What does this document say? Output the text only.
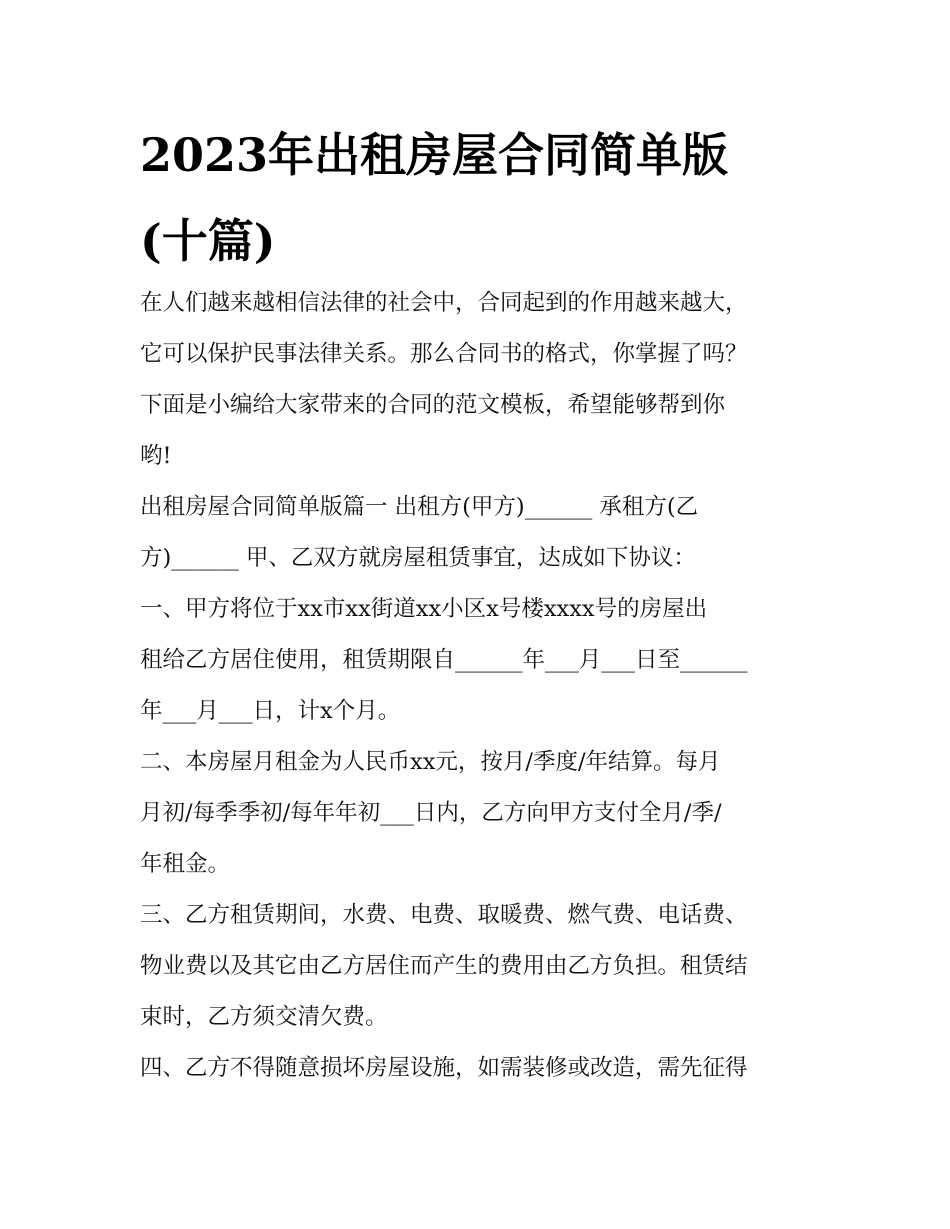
2023年出租房屋合同简单版
(十篇)

在人们越来越相信法律的社会中，合同起到的作用越来越大，
它可以保护民事法律关系。那么合同书的格式，你掌握了吗？
下面是小编给大家带来的合同的范文模板，希望能够帮到你
哟!

出租房屋合同简单版篇一 出租方(甲方)______ 承租方(乙
方)______ 甲、乙双方就房屋租赁事宜，达成如下协议：

一、甲方将位于xx市xx街道xx小区x号楼xxxx号的房屋出
租给乙方居住使用，租赁期限自______年___月___日至______
年___月___日，计x个月。

二、本房屋月租金为人民币xx元，按月/季度/年结算。每月
月初/每季季初/每年年初___日内，乙方向甲方支付全月/季/
年租金。

三、乙方租赁期间，水费、电费、取暖费、燃气费、电话费、
物业费以及其它由乙方居住而产生的费用由乙方负担。租赁结
束时，乙方须交清欠费。

四、乙方不得随意损坏房屋设施，如需装修或改造，需先征得
